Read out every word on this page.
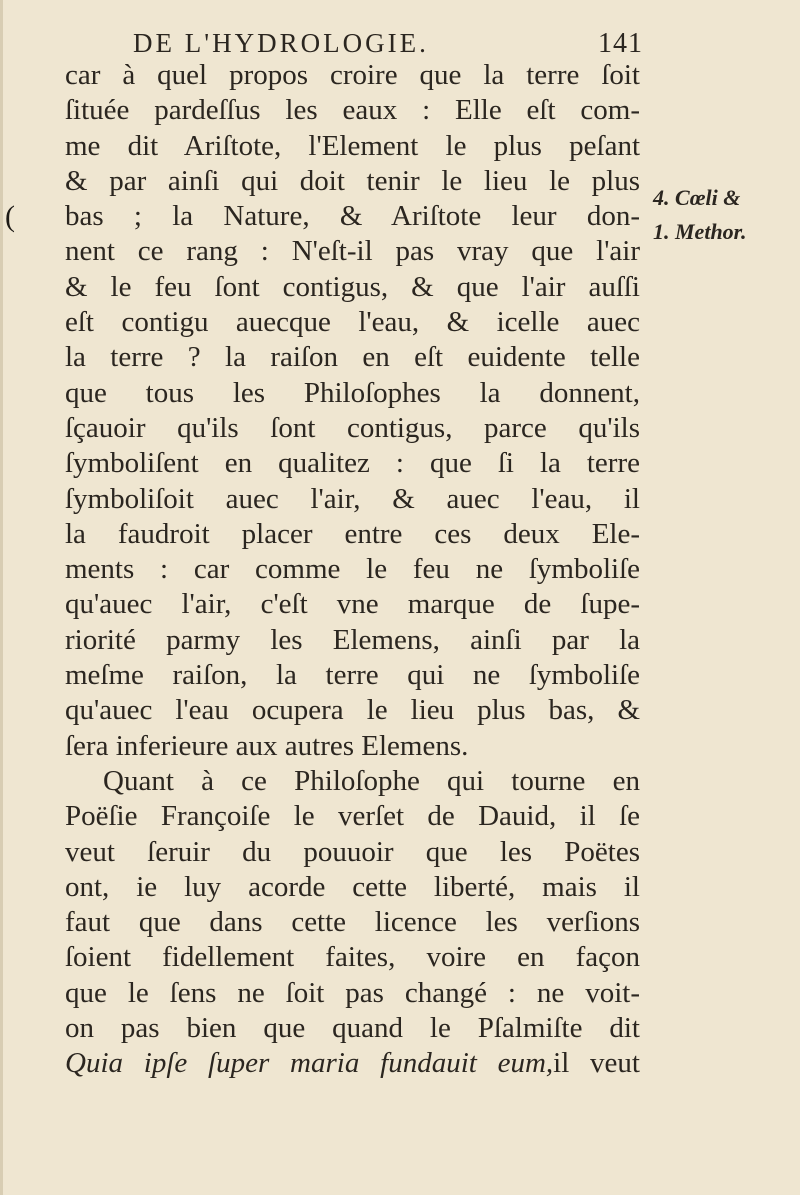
(
DE L'HYDROLOGIE.	141
car à quel propos croire que la terre ſoit
ſituée pardeſſus les eaux : Elle eſt com-
me dit Ariſtote, l'Element le plus peſant
& par ainſi qui doit tenir le lieu le plus
bas ; la Nature, & Ariſtote leur don-
nent ce rang : N'eſt-il pas vray que l'air
& le feu ſont contigus, & que l'air auſſi
eſt contigu auecque l'eau, & icelle auec
la terre ? la raiſon en eſt euidente telle
que tous les Philoſophes la donnent,
ſçauoir qu'ils ſont contigus, parce qu'ils
ſymboliſent en qualitez : que ſi la terre
ſymboliſoit auec l'air, & auec l'eau, il
la faudroit placer entre ces deux Ele-
ments : car comme le feu ne ſymboliſe
qu'auec l'air, c'eſt vne marque de ſupe-
riorité parmy les Elemens, ainſi par la
meſme raiſon, la terre qui ne ſymboliſe
qu'auec l'eau ocupera le lieu plus bas, &
ſera inferieure aux autres Elemens.
Quant à ce Philoſophe qui tourne en
Poëſie Françoiſe le verſet de Dauid, il ſe
veut ſeruir du pouuoir que les Poëtes
ont, ie luy acorde cette liberté, mais il
faut que dans cette licence les verſions
ſoient fidellement faites, voire en façon
que le ſens ne ſoit pas changé : ne voit-
on pas bien que quand le Pſalmiſte dit
Quia ipſe ſuper maria fundauit eum,il veut
4. Cœli &
1. Methor.
